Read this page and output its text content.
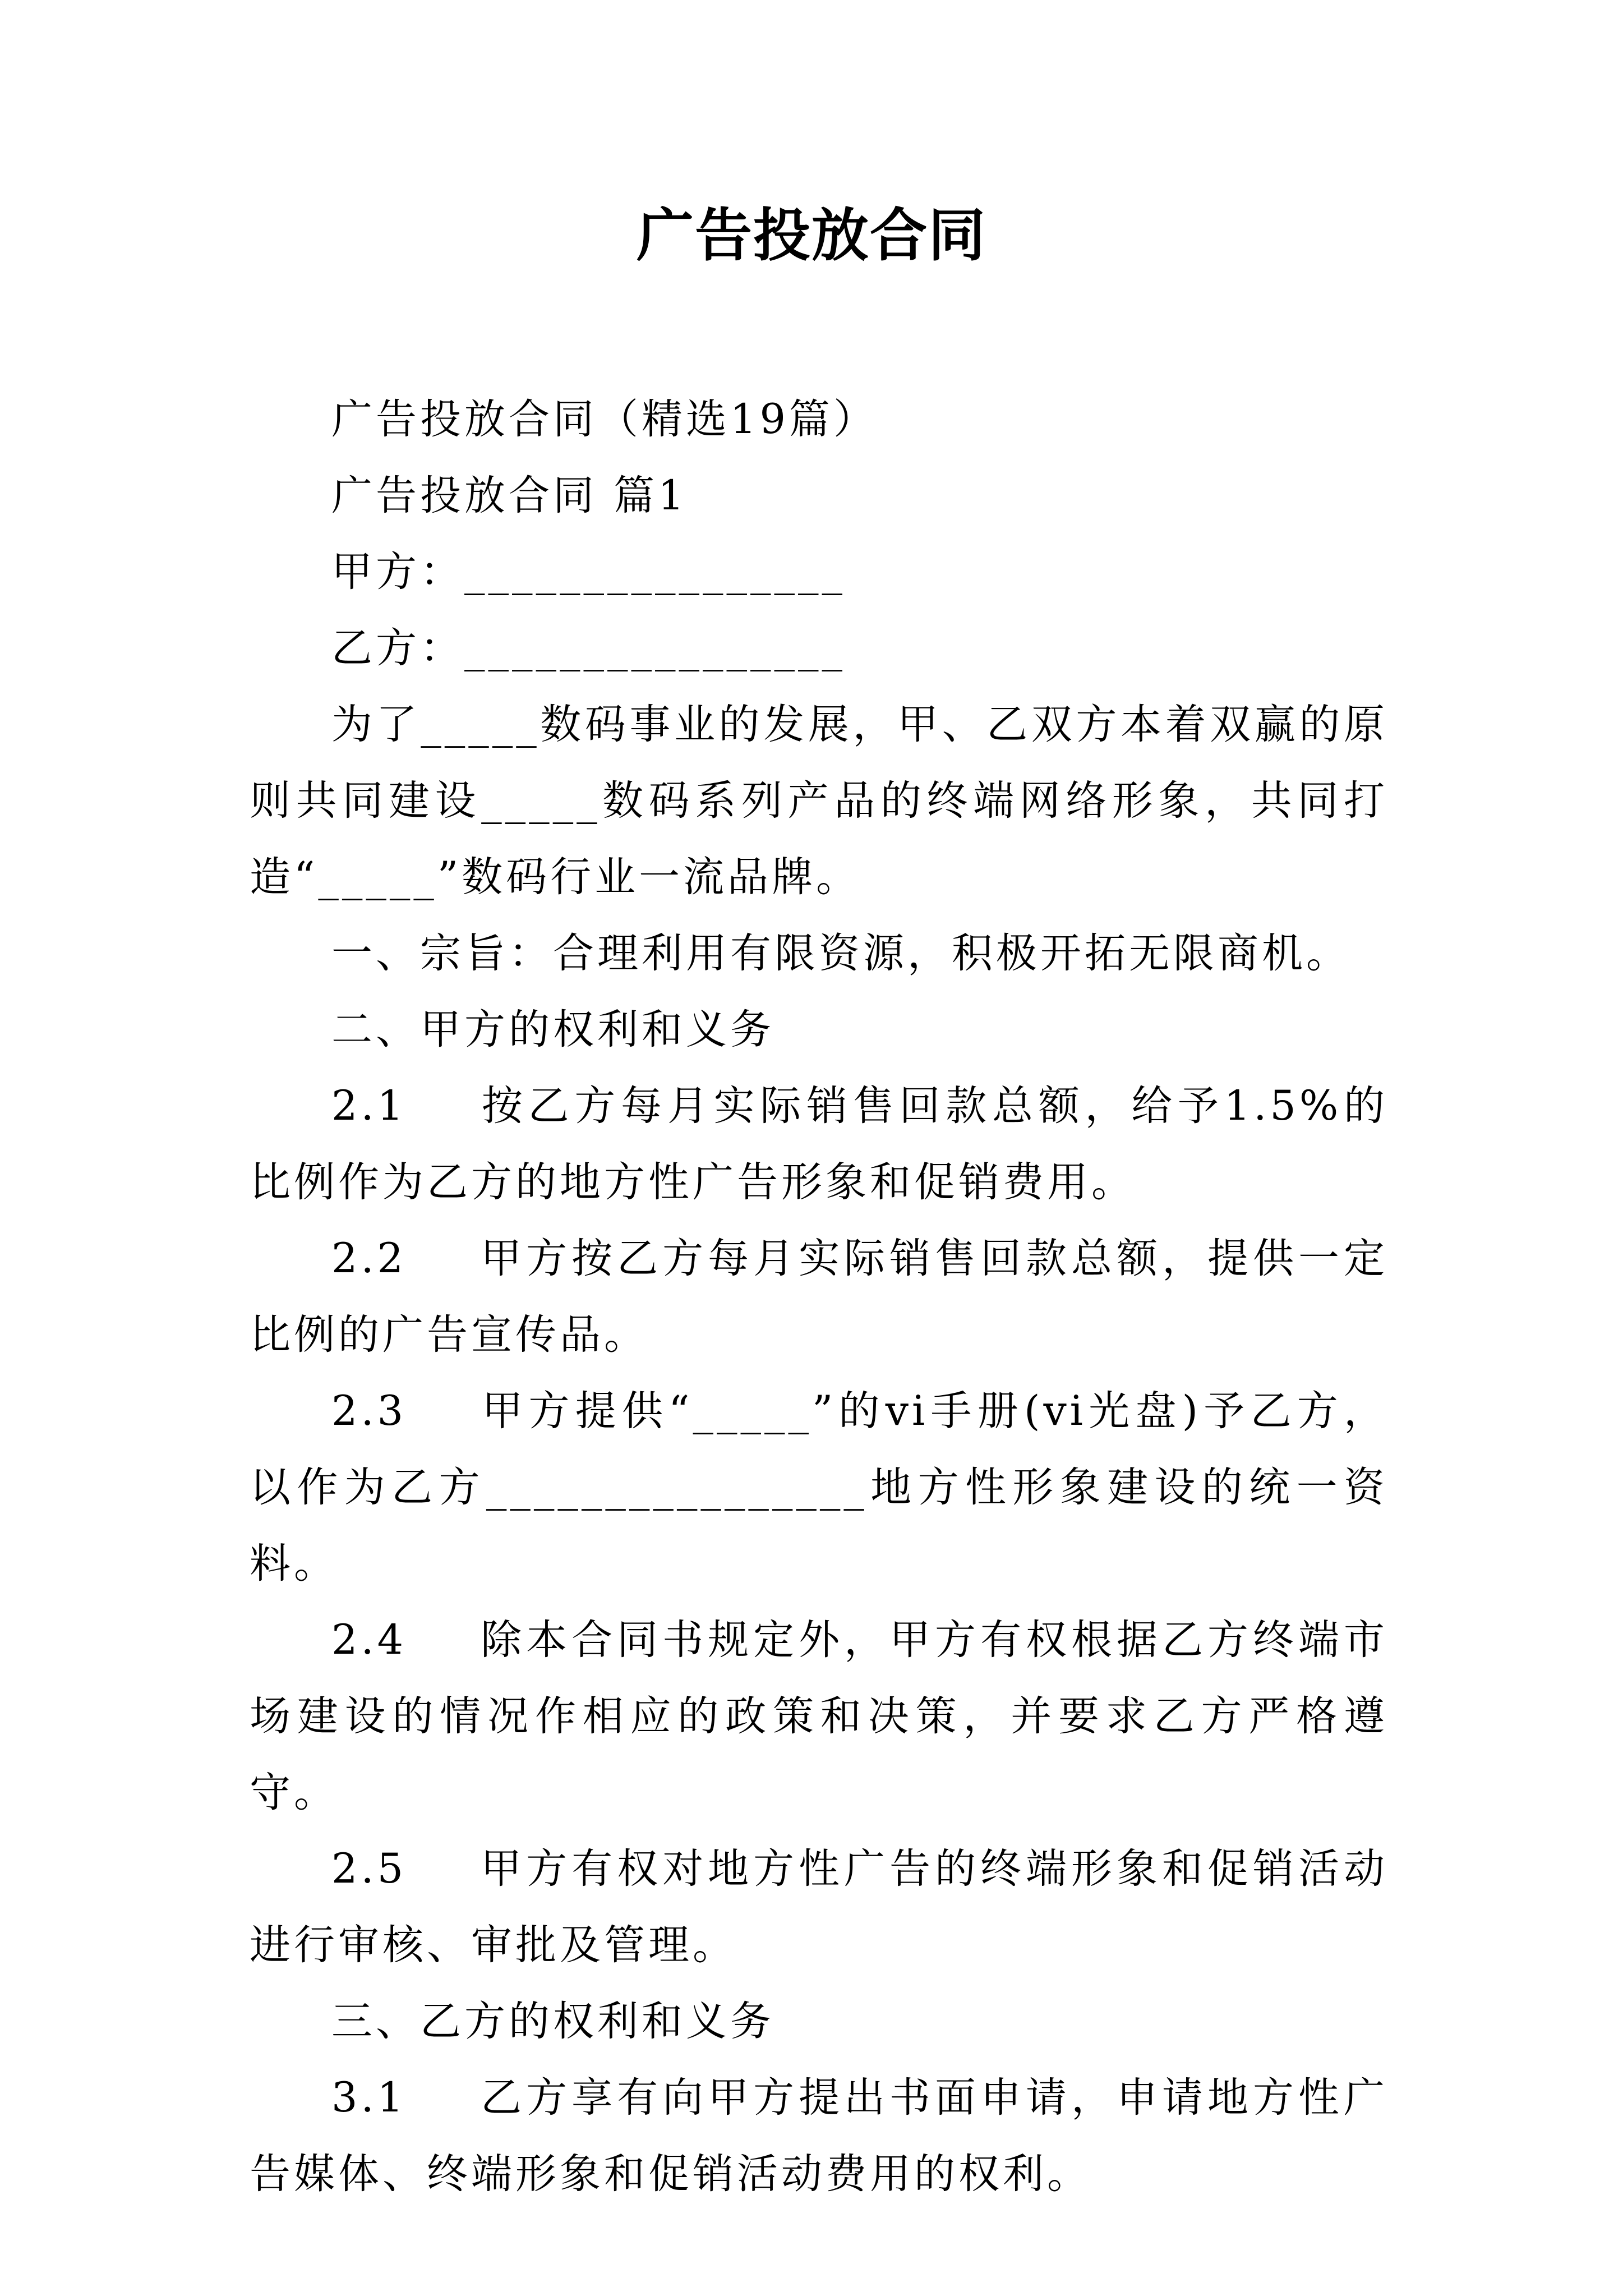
广告投放合同

广告投放合同（精选19篇）

广告投放合同 篇1

甲方：________________

乙方：________________

为了_____数码事业的发展，甲、乙双方本着双赢的原则共同建设_____数码系列产品的终端网络形象，共同打造“_____”数码行业一流品牌。

一、宗旨：合理利用有限资源，积极开拓无限商机。

二、甲方的权利和义务

2.1 按乙方每月实际销售回款总额，给予1.5%的比例作为乙方的地方性广告形象和促销费用。

2.2 甲方按乙方每月实际销售回款总额，提供一定比例的广告宣传品。

2.3 甲方提供“_____”的vi手册(vi光盘)予乙方，以作为乙方________________地方性形象建设的统一资料。

2.4 除本合同书规定外，甲方有权根据乙方终端市场建设的情况作相应的政策和决策，并要求乙方严格遵守。

2.5 甲方有权对地方性广告的终端形象和促销活动进行审核、审批及管理。

三、乙方的权利和义务

3.1 乙方享有向甲方提出书面申请，申请地方性广告媒体、终端形象和促销活动费用的权利。
